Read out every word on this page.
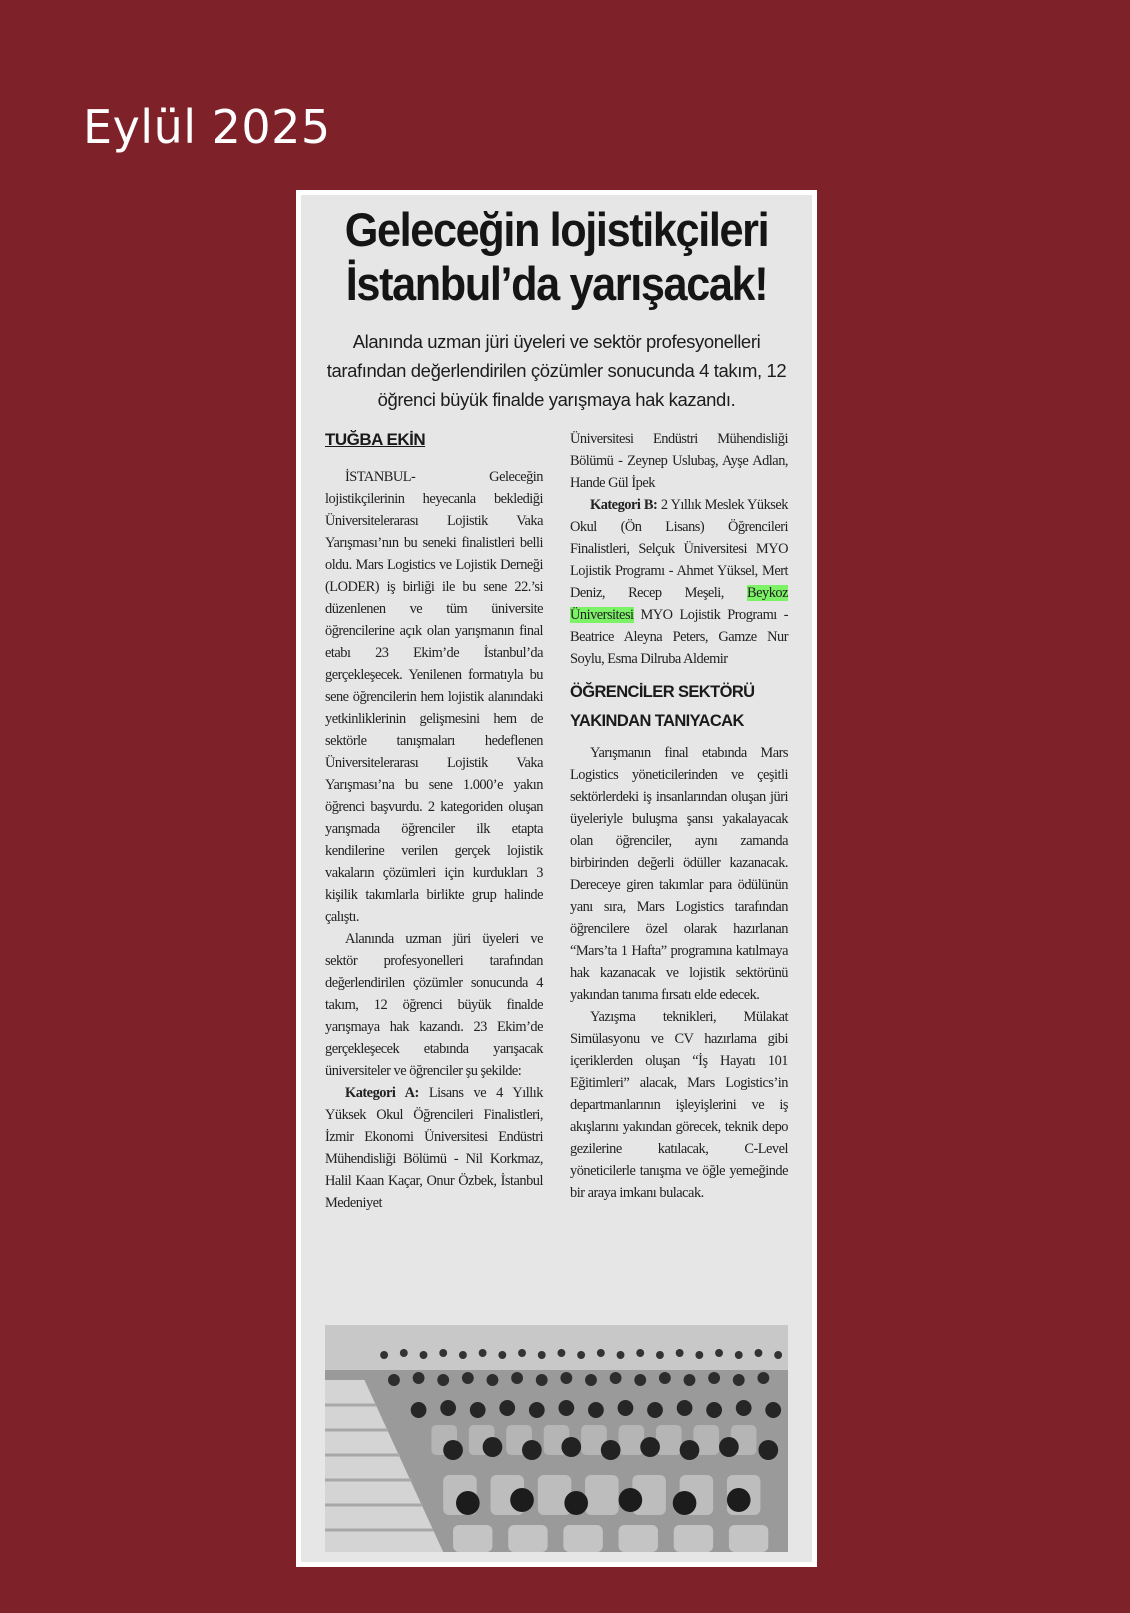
Eylül 2025
Geleceğin lojistikçileri
İstanbul’da yarışacak!

Alanında uzman jüri üyeleri ve sektör profesyonelleri tarafından değerlendirilen çözümler sonucunda 4 takım, 12 öğrenci büyük finalde yarışmaya hak kazandı.

TUĞBA EKİN

İSTANBUL- Geleceğin lojistikçilerinin heyecanla beklediği Üniversitelerarası Lojistik Vaka Yarışması’nın bu seneki finalistleri belli oldu. Mars Logistics ve Lojistik Derneği (LODER) iş birliği ile bu sene 22.’si düzenlenen ve tüm üniversite öğrencilerine açık olan yarışmanın final etabı 23 Ekim’de İstanbul’da gerçekleşecek. Yenilenen formatıyla bu sene öğrencilerin hem lojistik alanındaki yetkinliklerinin gelişmesini hem de sektörle tanışmaları hedeflenen Üniversitelerarası Lojistik Vaka Yarışması’na bu sene 1.000’e yakın öğrenci başvurdu. 2 kategoriden oluşan yarışmada öğrenciler ilk etapta kendilerine verilen gerçek lojistik vakaların çözümleri için kurdukları 3 kişilik takımlarla birlikte grup halinde çalıştı.

Alanında uzman jüri üyeleri ve sektör profesyonelleri tarafından değerlendirilen çözümler sonucunda 4 takım, 12 öğrenci büyük finalde yarışmaya hak kazandı. 23 Ekim’de gerçekleşecek etabında yarışacak üniversiteler ve öğrenciler şu şekilde:

Kategori A: Lisans ve 4 Yıllık Yüksek Okul Öğrencileri Finalistleri, İzmir Ekonomi Üniversitesi Endüstri Mühendisliği Bölümü - Nil Korkmaz, Halil Kaan Kaçar, Onur Özbek, İstanbul Medeniyet

Üniversitesi Endüstri Mühendisliği Bölümü - Zeynep Uslubaş, Ayşe Adlan, Hande Gül İpek

Kategori B: 2 Yıllık Meslek Yüksek Okul (Ön Lisans) Öğrencileri Finalistleri, Selçuk Üniversitesi MYO Lojistik Programı - Ahmet Yüksel, Mert Deniz, Recep Meşeli, Beykoz Üniversitesi MYO Lojistik Programı - Beatrice Aleyna Peters, Gamze Nur Soylu, Esma Dilruba Aldemir

ÖĞRENCİLER SEKTÖRÜ
YAKINDAN TANIYACAK

Yarışmanın final etabında Mars Logistics yöneticilerinden ve çeşitli sektörlerdeki iş insanlarından oluşan jüri üyeleriyle buluşma şansı yakalayacak olan öğrenciler, aynı zamanda birbirinden değerli ödüller kazanacak. Dereceye giren takımlar para ödülünün yanı sıra, Mars Logistics tarafından öğrencilere özel olarak hazırlanan “Mars’ta 1 Hafta” programına katılmaya hak kazanacak ve lojistik sektörünü yakından tanıma fırsatı elde edecek.

Yazışma teknikleri, Mülakat Simülasyonu ve CV hazırlama gibi içeriklerden oluşan “İş Hayatı 101 Eğitimleri” alacak, Mars Logistics’in departmanlarının işleyişlerini ve iş akışlarını yakından görecek, teknik depo gezilerine katılacak, C-Level yöneticilerle tanışma ve öğle yemeğinde bir araya imkanı bulacak.
